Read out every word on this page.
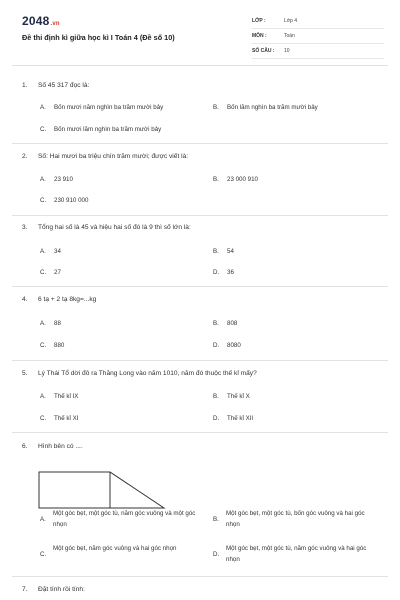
2048.vn
Đề thi định kì giữa học kì I Toán 4 (Đề số 10)
LỚP :	Lớp 4
MÔN :	Toán
SỐ CÂU : 10
1. Số 45 317 đọc là:
A. Bốn mươi năm nghìn ba trăm mười bảy	B. Bốn lăm nghìn ba trăm mười bảy
C. Bốn mươi lăm nghìn ba trăm mười bảy
2. Số: Hai mươi ba triệu chín trăm mười; được viết là:
A. 23 910	B. 23 000 910
C. 230 910 000
3. Tổng hai số là 45 và hiệu hai số đó là 9 thì số lớn là:
A. 34	B. 54
C. 27	D. 36
4. 6 tạ + 2 tạ 8kg=...kg
A. 88	B. 808
C. 880	D. 8080
5. Lý Thái Tổ dời đô ra Thăng Long vào năm 1010, năm đó thuộc thế kỉ mấy?
A. Thế kỉ IX	B. Thế kỉ X
C. Thế kỉ XI	D. Thế kỉ XII
6. Hình bên có ....
A.
Một góc bẹt, một góc tù, năm góc vuông và một góc nhọn
B.
Một góc bẹt, một góc tù, bốn góc vuông và hai góc nhọn
C.
Một góc bẹt, năm góc vuông và hai góc nhọn
D.
Một góc bẹt, một góc tù, năm góc vuông và hai góc nhọn
7. Đặt tính rồi tính:
